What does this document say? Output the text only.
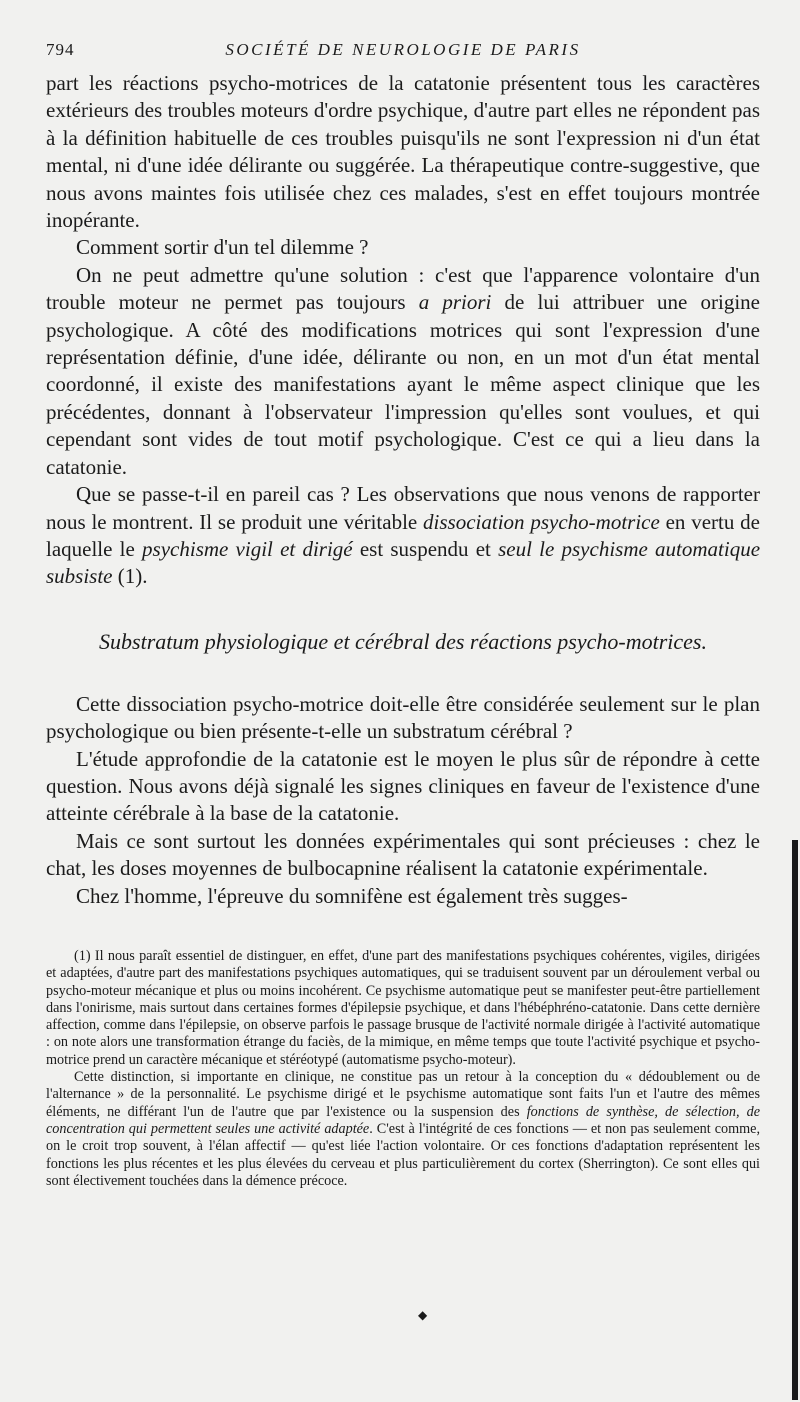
794	SOCIÉTÉ DE NEUROLOGIE DE PARIS

part les réactions psycho-motrices de la catatonie présentent tous les caractères extérieurs des troubles moteurs d'ordre psychique, d'autre part elles ne répondent pas à la définition habituelle de ces troubles puisqu'ils ne sont l'expression ni d'un état mental, ni d'une idée délirante ou suggérée. La thérapeutique contre-suggestive, que nous avons maintes fois utilisée chez ces malades, s'est en effet toujours montrée inopérante.

Comment sortir d'un tel dilemme ?

On ne peut admettre qu'une solution : c'est que l'apparence volontaire d'un trouble moteur ne permet pas toujours a priori de lui attribuer une origine psychologique. A côté des modifications motrices qui sont l'expression d'une représentation définie, d'une idée, délirante ou non, en un mot d'un état mental coordonné, il existe des manifestations ayant le même aspect clinique que les précédentes, donnant à l'observateur l'impression qu'elles sont voulues, et qui cependant sont vides de tout motif psychologique. C'est ce qui a lieu dans la catatonie.

Que se passe-t-il en pareil cas ? Les observations que nous venons de rapporter nous le montrent. Il se produit une véritable dissociation psycho-motrice en vertu de laquelle le psychisme vigil et dirigé est suspendu et seul le psychisme automatique subsiste (1).

Substratum physiologique et cérébral des réactions psycho-motrices.

Cette dissociation psycho-motrice doit-elle être considérée seulement sur le plan psychologique ou bien présente-t-elle un substratum cérébral ?

L'étude approfondie de la catatonie est le moyen le plus sûr de répondre à cette question. Nous avons déjà signalé les signes cliniques en faveur de l'existence d'une atteinte cérébrale à la base de la catatonie.

Mais ce sont surtout les données expérimentales qui sont précieuses : chez le chat, les doses moyennes de bulbocapnine réalisent la catatonie expérimentale.

Chez l'homme, l'épreuve du somnifène est également très sugges-

(1) Il nous paraît essentiel de distinguer, en effet, d'une part des manifestations psychiques cohérentes, vigiles, dirigées et adaptées, d'autre part des manifestations psychiques automatiques, qui se traduisent souvent par un déroulement verbal ou psycho-moteur mécanique et plus ou moins incohérent. Ce psychisme automatique peut se manifester peut-être partiellement dans l'onirisme, mais surtout dans certaines formes d'épilepsie psychique, et dans l'hébéphréno-catatonie. Dans cette dernière affection, comme dans l'épilepsie, on observe parfois le passage brusque de l'activité normale dirigée à l'activité automatique : on note alors une transformation étrange du faciès, de la mimique, en même temps que toute l'activité psychique et psycho-motrice prend un caractère mécanique et stéréotypé (automatisme psycho-moteur).

Cette distinction, si importante en clinique, ne constitue pas un retour à la conception du « dédoublement ou de l'alternance » de la personnalité. Le psychisme dirigé et le psychisme automatique sont faits l'un et l'autre des mêmes éléments, ne différant l'un de l'autre que par l'existence ou la suspension des fonctions de synthèse, de sélection, de concentration qui permettent seules une activité adaptée. C'est à l'intégrité de ces fonctions — et non pas seulement comme, on le croit trop souvent, à l'élan affectif — qu'est liée l'action volontaire. Or ces fonctions d'adaptation représentent les fonctions les plus récentes et les plus élevées du cerveau et plus particulièrement du cortex (Sherrington). Ce sont elles qui sont électivement touchées dans la démence précoce.

◆
